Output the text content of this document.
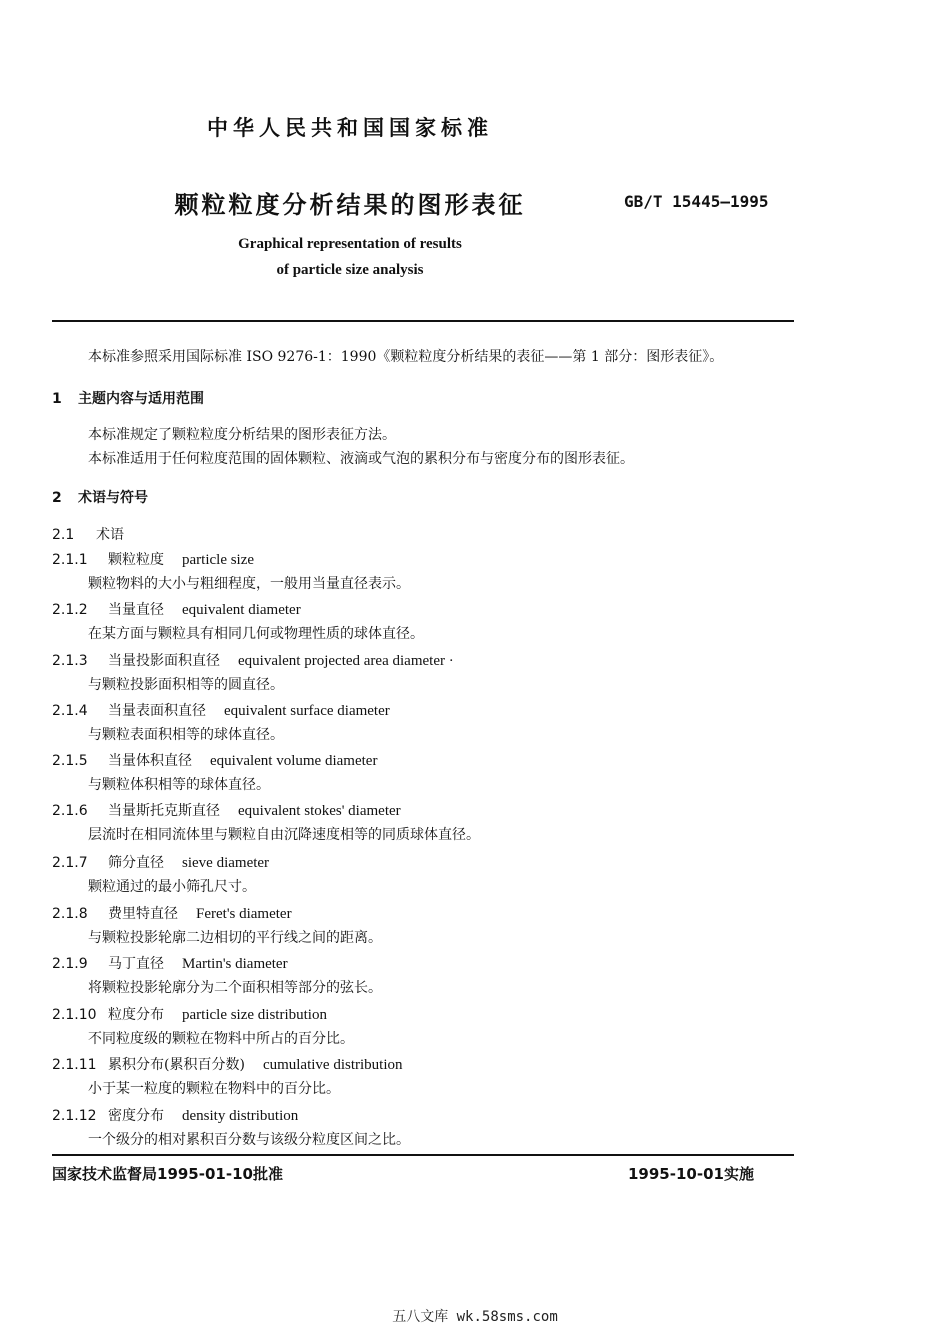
中华人民共和国国家标准
颗粒粒度分析结果的图形表征	GB/T 15445—1995
Graphical representation of results
of particle size analysis
本标准参照采用国际标准 ISO 9276-1：1990《颗粒粒度分析结果的表征——第 1 部分：图形表征》。
1 主题内容与适用范围
本标准规定了颗粒粒度分析结果的图形表征方法。
本标准适用于任何粒度范围的固体颗粒、液滴或气泡的累积分布与密度分布的图形表征。
2 术语与符号
2.1 术语
2.1.1 颗粒粒度 particle size
颗粒物料的大小与粗细程度，一般用当量直径表示。
2.1.2 当量直径 equivalent diameter
在某方面与颗粒具有相同几何或物理性质的球体直径。
2.1.3 当量投影面积直径 equivalent projected area diameter ·
与颗粒投影面积相等的圆直径。
2.1.4 当量表面积直径 equivalent surface diameter
与颗粒表面积相等的球体直径。
2.1.5 当量体积直径 equivalent volume diameter
与颗粒体积相等的球体直径。
2.1.6 当量斯托克斯直径 equivalent stokes' diameter
层流时在相同流体里与颗粒自由沉降速度相等的同质球体直径。
2.1.7 筛分直径 sieve diameter
颗粒通过的最小筛孔尺寸。
2.1.8 费里特直径 Feret's diameter
与颗粒投影轮廓二边相切的平行线之间的距离。
2.1.9 马丁直径 Martin's diameter
将颗粒投影轮廓分为二个面积相等部分的弦长。
2.1.10 粒度分布 particle size distribution
不同粒度级的颗粒在物料中所占的百分比。
2.1.11 累积分布(累积百分数) cumulative distribution
小于某一粒度的颗粒在物料中的百分比。
2.1.12 密度分布 density distribution
一个级分的相对累积百分数与该级分粒度区间之比。
国家技术监督局1995-01-10批准	1995-10-01实施
五八文库 wk.58sms.com
